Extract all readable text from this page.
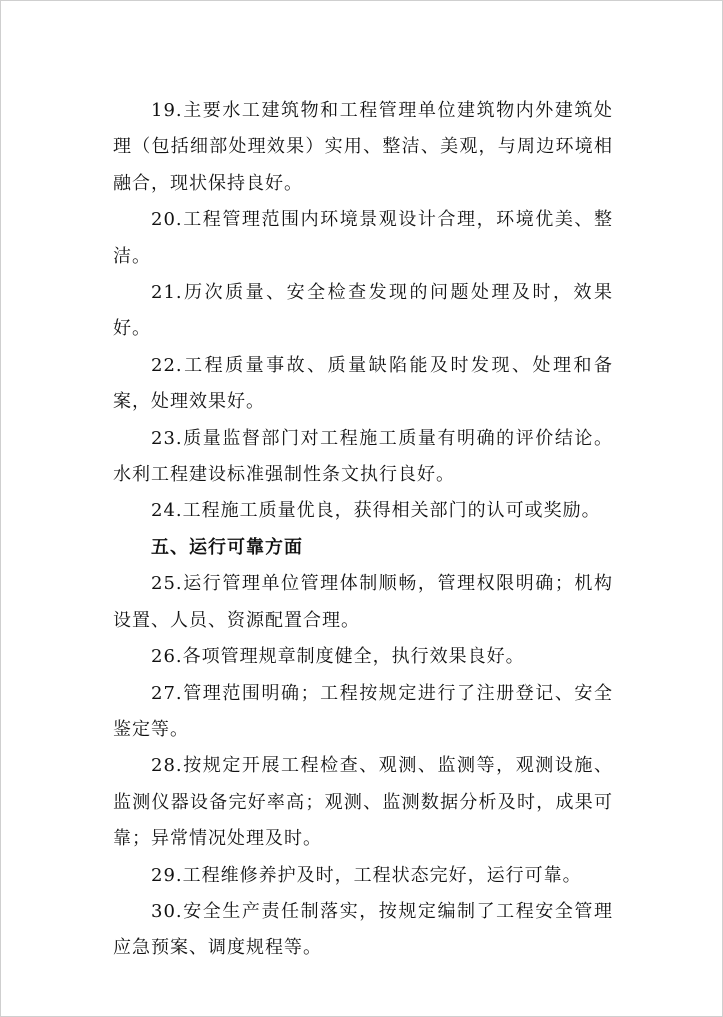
19.主要水工建筑物和工程管理单位建筑物内外建筑处理（包括细部处理效果）实用、整洁、美观，与周边环境相融合，现状保持良好。

20.工程管理范围内环境景观设计合理，环境优美、整洁。

21.历次质量、安全检查发现的问题处理及时，效果好。

22.工程质量事故、质量缺陷能及时发现、处理和备案，处理效果好。

23.质量监督部门对工程施工质量有明确的评价结论。水利工程建设标准强制性条文执行良好。

24.工程施工质量优良，获得相关部门的认可或奖励。

五、运行可靠方面

25.运行管理单位管理体制顺畅，管理权限明确；机构设置、人员、资源配置合理。

26.各项管理规章制度健全，执行效果良好。

27.管理范围明确；工程按规定进行了注册登记、安全鉴定等。

28.按规定开展工程检查、观测、监测等，观测设施、监测仪器设备完好率高；观测、监测数据分析及时，成果可靠；异常情况处理及时。

29.工程维修养护及时，工程状态完好，运行可靠。

30.安全生产责任制落实，按规定编制了工程安全管理应急预案、调度规程等。
